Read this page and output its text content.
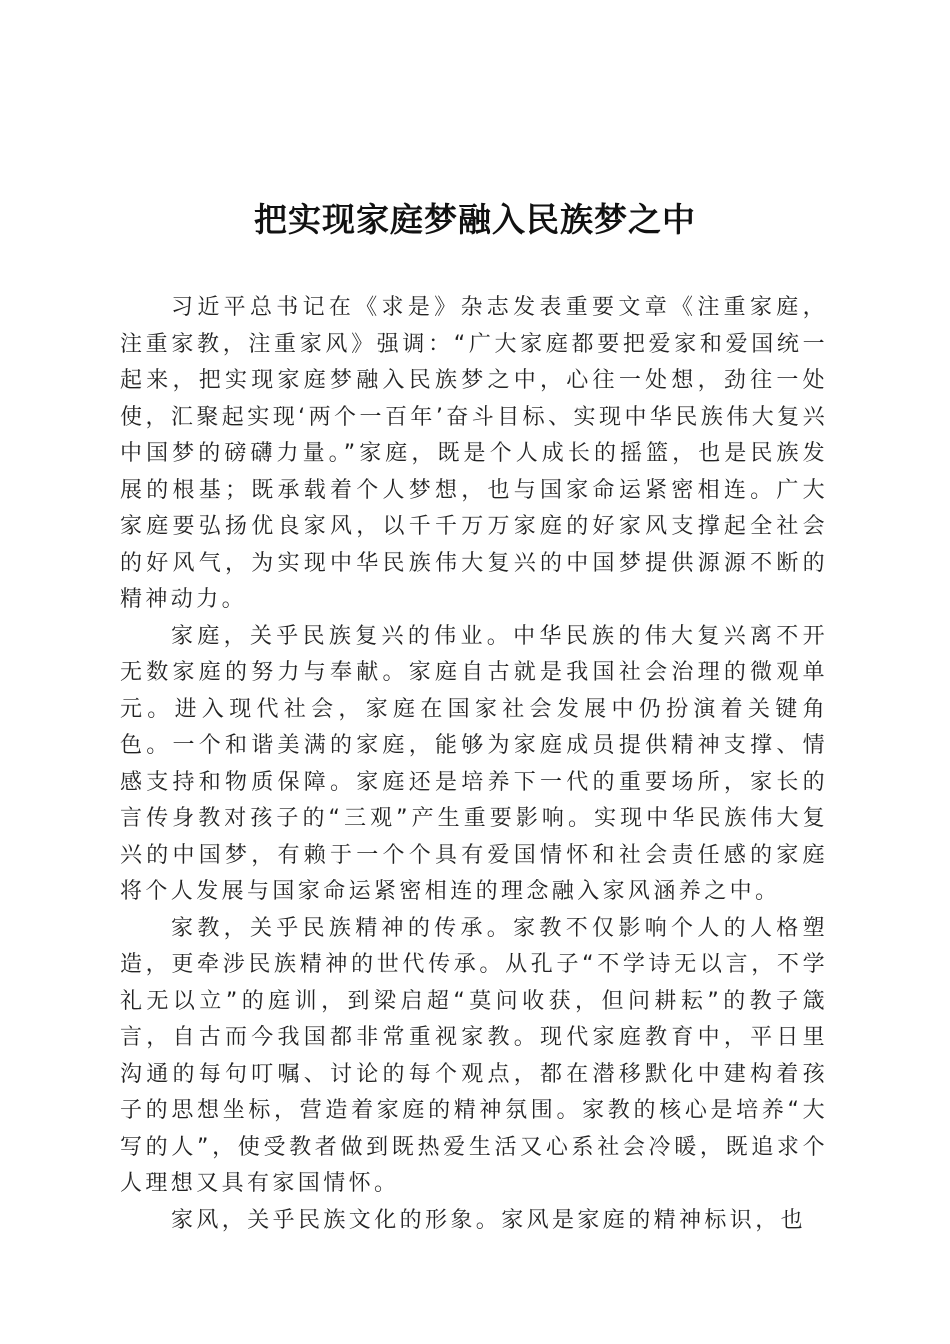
把实现家庭梦融入民族梦之中

习近平总书记在《求是》杂志发表重要文章《注重家庭，注重家教，注重家风》强调：“广大家庭都要把爱家和爱国统一起来，把实现家庭梦融入民族梦之中，心往一处想，劲往一处使，汇聚起实现‘两个一百年’奋斗目标、实现中华民族伟大复兴中国梦的磅礴力量。”家庭，既是个人成长的摇篮，也是民族发展的根基；既承载着个人梦想，也与国家命运紧密相连。广大家庭要弘扬优良家风，以千千万万家庭的好家风支撑起全社会的好风气，为实现中华民族伟大复兴的中国梦提供源源不断的精神动力。

家庭，关乎民族复兴的伟业。中华民族的伟大复兴离不开无数家庭的努力与奉献。家庭自古就是我国社会治理的微观单元。进入现代社会，家庭在国家社会发展中仍扮演着关键角色。一个和谐美满的家庭，能够为家庭成员提供精神支撑、情感支持和物质保障。家庭还是培养下一代的重要场所，家长的言传身教对孩子的“三观”产生重要影响。实现中华民族伟大复兴的中国梦，有赖于一个个具有爱国情怀和社会责任感的家庭将个人发展与国家命运紧密相连的理念融入家风涵养之中。

家教，关乎民族精神的传承。家教不仅影响个人的人格塑造，更牵涉民族精神的世代传承。从孔子“不学诗无以言，不学礼无以立”的庭训，到梁启超“莫问收获，但问耕耘”的教子箴言，自古而今我国都非常重视家教。现代家庭教育中，平日里沟通的每句叮嘱、讨论的每个观点，都在潜移默化中建构着孩子的思想坐标，营造着家庭的精神氛围。家教的核心是培养“大写的人”，使受教者做到既热爱生活又心系社会冷暖，既追求个人理想又具有家国情怀。

家风，关乎民族文化的形象。家风是家庭的精神标识，也
